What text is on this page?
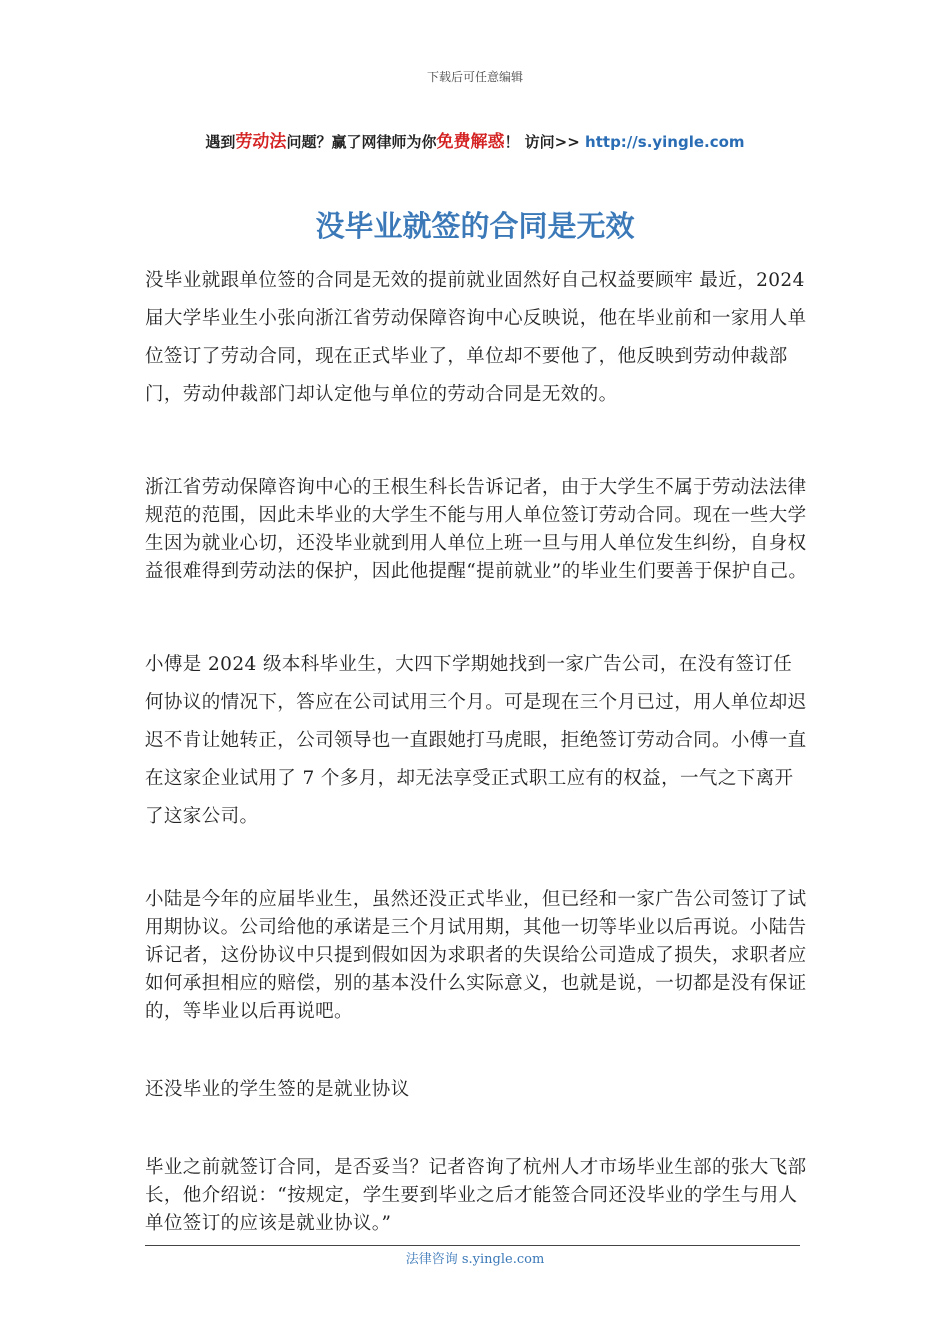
下载后可任意编辑
遇到劳动法问题？赢了网律师为你免费解惑！ 访问>> http://s.yingle.com
没毕业就签的合同是无效

没毕业就跟单位签的合同是无效的提前就业固然好自己权益要顾牢 最近，2024 届大学毕业生小张向浙江省劳动保障咨询中心反映说，他在毕业前和一家用人单位签订了劳动合同，现在正式毕业了，单位却不要他了，他反映到劳动仲裁部门，劳动仲裁部门却认定他与单位的劳动合同是无效的。

浙江省劳动保障咨询中心的王根生科长告诉记者，由于大学生不属于劳动法法律规范的范围，因此未毕业的大学生不能与用人单位签订劳动合同。现在一些大学生因为就业心切，还没毕业就到用人单位上班一旦与用人单位发生纠纷，自身权益很难得到劳动法的保护，因此他提醒“提前就业”的毕业生们要善于保护自己。

小傅是 2024 级本科毕业生，大四下学期她找到一家广告公司，在没有签订任何协议的情况下，答应在公司试用三个月。可是现在三个月已过，用人单位却迟迟不肯让她转正，公司领导也一直跟她打马虎眼，拒绝签订劳动合同。小傅一直在这家企业试用了 7 个多月，却无法享受正式职工应有的权益，一气之下离开了这家公司。

小陆是今年的应届毕业生，虽然还没正式毕业，但已经和一家广告公司签订了试用期协议。公司给他的承诺是三个月试用期，其他一切等毕业以后再说。小陆告诉记者，这份协议中只提到假如因为求职者的失误给公司造成了损失，求职者应如何承担相应的赔偿，别的基本没什么实际意义，也就是说，一切都是没有保证的，等毕业以后再说吧。

还没毕业的学生签的是就业协议

毕业之前就签订合同，是否妥当？记者咨询了杭州人才市场毕业生部的张大飞部长，他介绍说：“按规定，学生要到毕业之后才能签合同还没毕业的学生与用人单位签订的应该是就业协议。”

法律咨询 s.yingle.com
